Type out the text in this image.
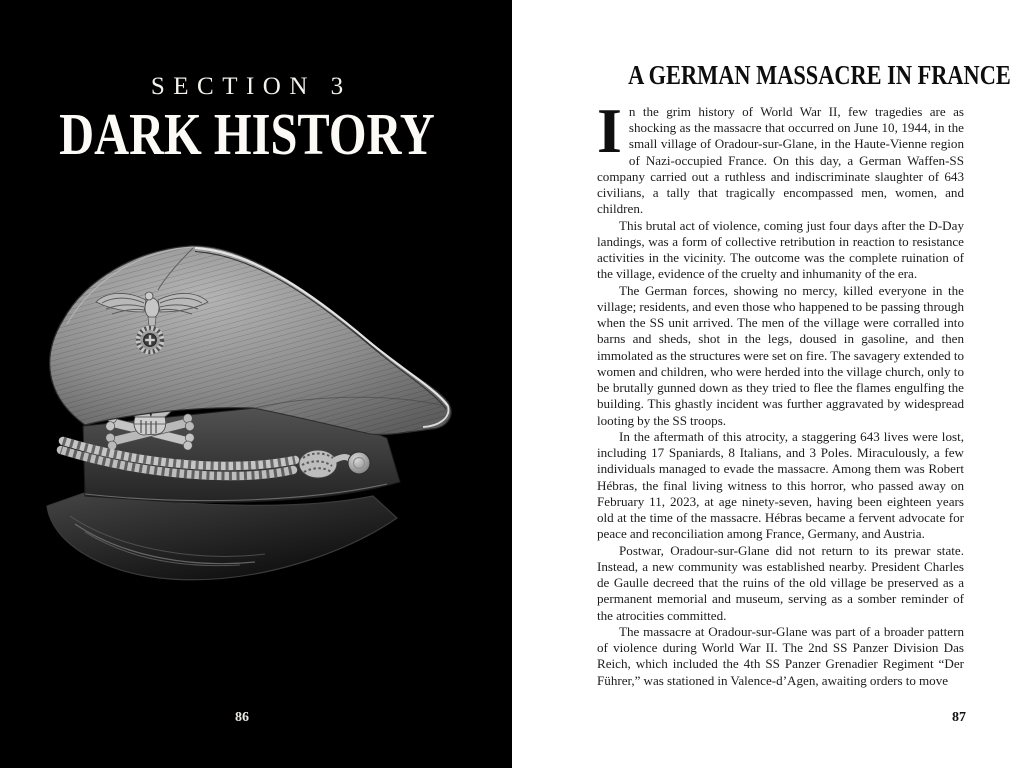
SECTION 3
DARK HISTORY
86
A GERMAN MASSACRE IN FRANCE

In the grim history of World War II, few tragedies are as shocking as the massacre that occurred on June 10, 1944, in the small village of Oradour-sur-Glane, in the Haute-Vienne region of Nazi-occupied France. On this day, a German Waffen-SS company carried out a ruthless and indiscriminate slaughter of 643 civilians, a tally that tragically encompassed men, women, and children.

This brutal act of violence, coming just four days after the D-Day landings, was a form of collective retribution in reaction to resistance activities in the vicinity. The outcome was the complete ruination of the village, evidence of the cruelty and inhumanity of the era.

The German forces, showing no mercy, killed everyone in the village; residents, and even those who happened to be passing through when the SS unit arrived. The men of the village were corralled into barns and sheds, shot in the legs, doused in gasoline, and then immolated as the structures were set on fire. The savagery extended to women and children, who were herded into the village church, only to be brutally gunned down as they tried to flee the flames engulfing the building. This ghastly incident was further aggravated by widespread looting by the SS troops.

In the aftermath of this atrocity, a staggering 643 lives were lost, including 17 Spaniards, 8 Italians, and 3 Poles. Miraculously, a few individuals managed to evade the massacre. Among them was Robert Hébras, the final living witness to this horror, who passed away on February 11, 2023, at age ninety-seven, having been eighteen years old at the time of the massacre. Hébras became a fervent advocate for peace and reconciliation among France, Germany, and Austria.

Postwar, Oradour-sur-Glane did not return to its prewar state. Instead, a new community was established nearby. President Charles de Gaulle decreed that the ruins of the old village be preserved as a permanent memorial and museum, serving as a somber reminder of the atrocities committed.

The massacre at Oradour-sur-Glane was part of a broader pattern of violence during World War II. The 2nd SS Panzer Division Das Reich, which included the 4th SS Panzer Grenadier Regiment “Der Führer,” was stationed in Valence-d’Agen, awaiting orders to move

87
